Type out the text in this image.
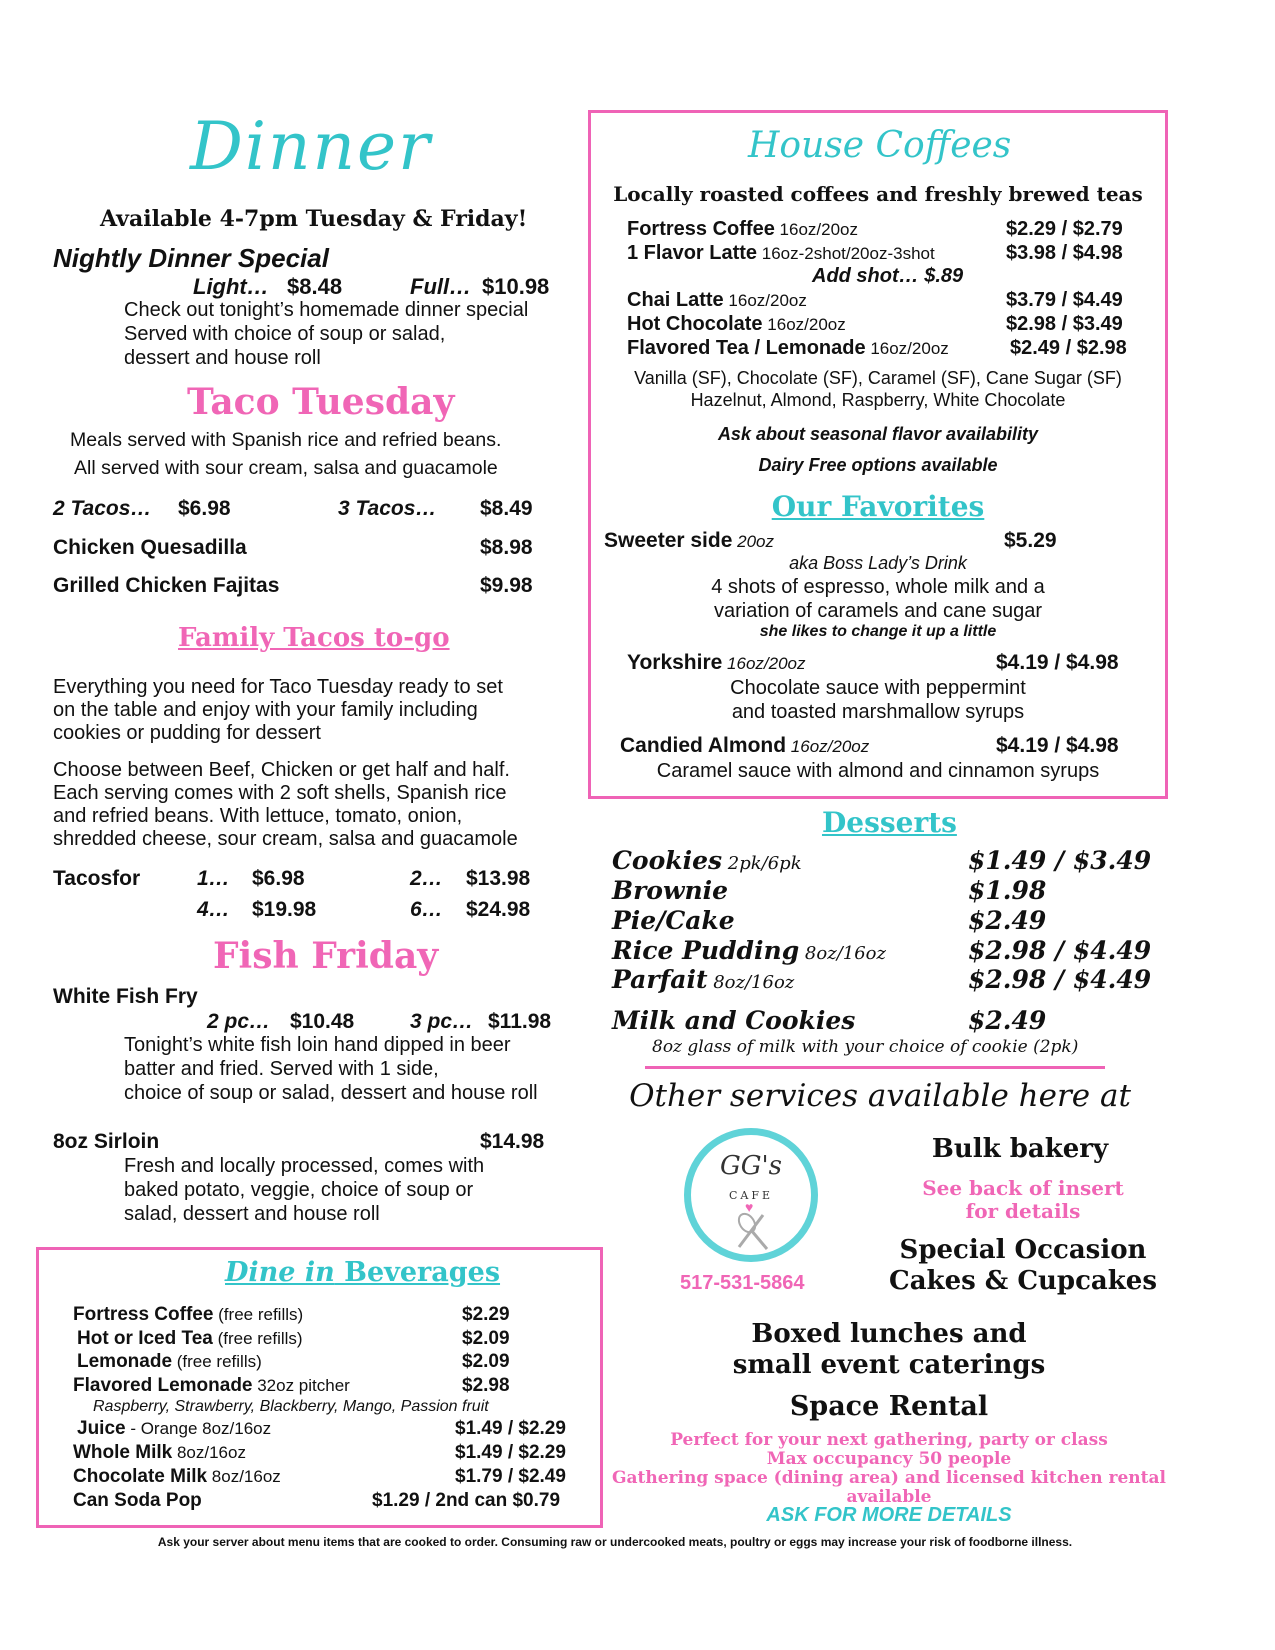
Dinner
Available 4-7pm Tuesday & Friday!
Nightly Dinner Special
Light… $8.48	Full… $10.98
Check out tonight’s homemade dinner special
Served with choice of soup or salad,
dessert and house roll
Taco Tuesday
Meals served with Spanish rice and refried beans.
All served with sour cream, salsa and guacamole
2 Tacos… $6.98	3 Tacos… $8.49
Chicken Quesadilla	$8.98
Grilled Chicken Fajitas	$9.98
Family Tacos to-go
Everything you need for Taco Tuesday ready to set
on the table and enjoy with your family including
cookies or pudding for dessert
Choose between Beef, Chicken or get half and half.
Each serving comes with 2 soft shells, Spanish rice
and refried beans. With lettuce, tomato, onion,
shredded cheese, sour cream, salsa and guacamole
Tacosfor	1… $6.98	2… $13.98
4… $19.98	6… $24.98
Fish Friday
White Fish Fry
2 pc… $10.48	3 pc… $11.98
Tonight’s white fish loin hand dipped in beer
batter and fried. Served with 1 side,
choice of soup or salad, dessert and house roll
8oz Sirloin	$14.98
Fresh and locally processed, comes with
baked potato, veggie, choice of soup or
salad, dessert and house roll
Dine in Beverages
Fortress Coffee (free refills)	$2.29
Hot or Iced Tea (free refills)	$2.09
Lemonade (free refills)	$2.09
Flavored Lemonade 32oz pitcher	$2.98
Juice - Orange 8oz/16oz	$1.49 / $2.29
Whole Milk 8oz/16oz	$1.49 / $2.29
Chocolate Milk 8oz/16oz	$1.79 / $2.49
Can Soda Pop	$1.29 / 2nd can $0.79
Raspberry, Strawberry, Blackberry, Mango, Passion fruit
House Coffees
Locally roasted coffees and freshly brewed teas
Fortress Coffee 16oz/20oz	$2.29 / $2.79
1 Flavor Latte 16oz-2shot/20oz-3shot	$3.98 / $4.98
Chai Latte 16oz/20oz	$3.79 / $4.49
Hot Chocolate 16oz/20oz	$2.98 / $3.49
Flavored Tea / Lemonade 16oz/20oz	$2.49 / $2.98
Add shot… $.89
Vanilla (SF), Chocolate (SF), Caramel (SF), Cane Sugar (SF)
Hazelnut, Almond, Raspberry, White Chocolate
Ask about seasonal flavor availability
Dairy Free options available
Our Favorites
Sweeter side 20oz	$5.29
aka Boss Lady’s Drink
4 shots of espresso, whole milk and a
variation of caramels and cane sugar
she likes to change it up a little
Yorkshire 16oz/20oz	$4.19 / $4.98
Chocolate sauce with peppermint
and toasted marshmallow syrups
Candied Almond 16oz/20oz	$4.19 / $4.98
Caramel sauce with almond and cinnamon syrups
Desserts
Cookies 2pk/6pk	$1.49 / $3.49
Brownie	$1.98
Pie/Cake	$2.49
Rice Pudding 8oz/16oz	$2.98 / $4.49
Parfait 8oz/16oz	$2.98 / $4.49
Milk and Cookies	$2.49
8oz glass of milk with your choice of cookie (2pk)
Other services available here at
GG's
CAFE
♥
517-531-5864
Bulk bakery
See back of insert
for details
Special Occasion
Cakes & Cupcakes
Boxed lunches and
small event caterings
Space Rental
Perfect for your next gathering, party or class
Max occupancy 50 people
Gathering space (dining area) and licensed kitchen rental
available
ASK FOR MORE DETAILS
Ask your server about menu items that are cooked to order. Consuming raw or undercooked meats, poultry or eggs may increase your risk of foodborne illness.
